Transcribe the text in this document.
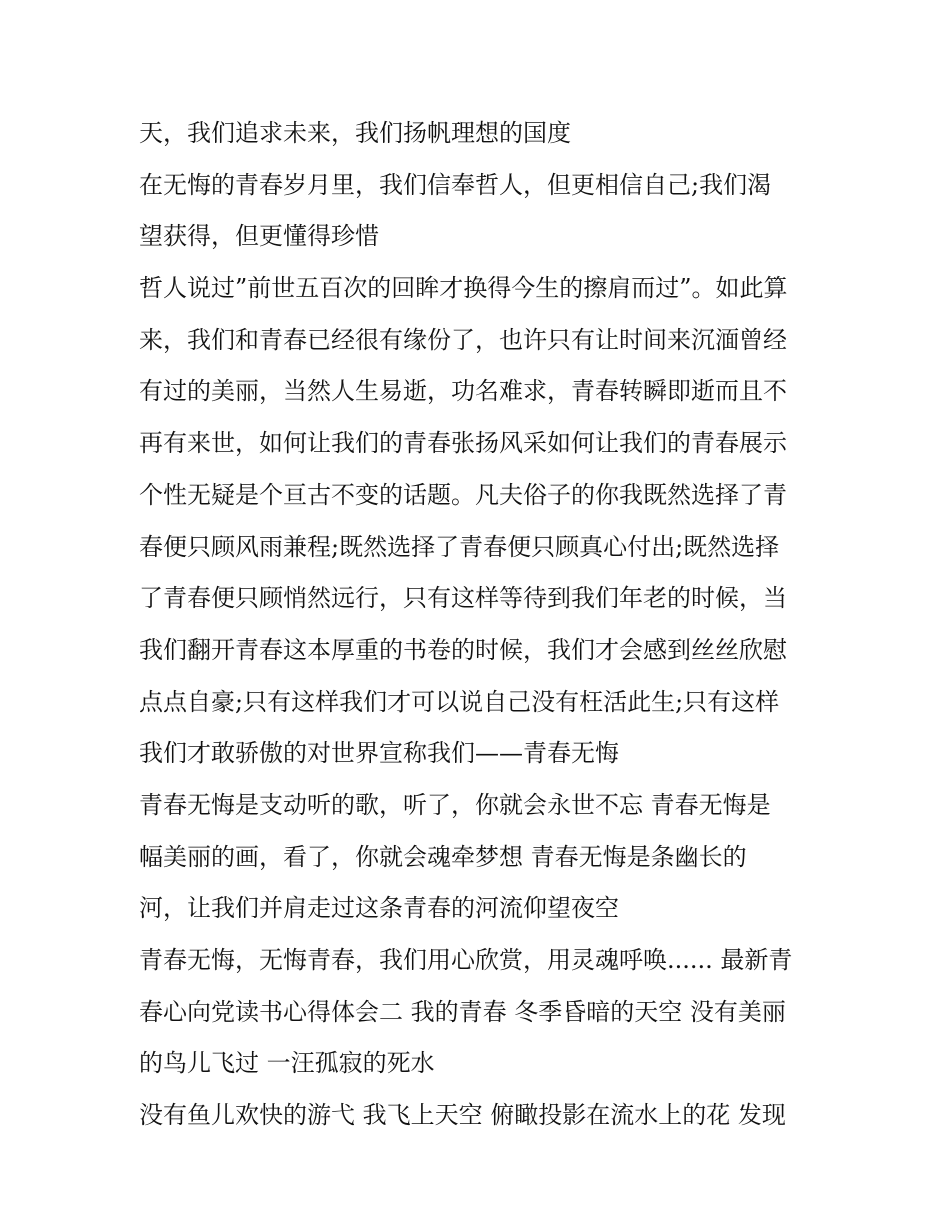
天，我们追求未来，我们扬帆理想的国度
在无悔的青春岁月里，我们信奉哲人，但更相信自己;我们渴
望获得，但更懂得珍惜
哲人说过”前世五百次的回眸才换得今生的擦肩而过”。如此算
来，我们和青春已经很有缘份了，也许只有让时间来沉湎曾经
有过的美丽，当然人生易逝，功名难求，青春转瞬即逝而且不
再有来世，如何让我们的青春张扬风采如何让我们的青春展示
个性无疑是个亘古不变的话题。凡夫俗子的你我既然选择了青
春便只顾风雨兼程;既然选择了青春便只顾真心付出;既然选择
了青春便只顾悄然远行，只有这样等待到我们年老的时候，当
我们翻开青春这本厚重的书卷的时候，我们才会感到丝丝欣慰
点点自豪;只有这样我们才可以说自己没有枉活此生;只有这样
我们才敢骄傲的对世界宣称我们——青春无悔
青春无悔是支动听的歌，听了，你就会永世不忘 青春无悔是
幅美丽的画，看了，你就会魂牵梦想 青春无悔是条幽长的
河，让我们并肩走过这条青春的河流仰望夜空
青春无悔，无悔青春，我们用心欣赏，用灵魂呼唤...... 最新青
春心向党读书心得体会二 我的青春 冬季昏暗的天空 没有美丽
的鸟儿飞过 一汪孤寂的死水
没有鱼儿欢快的游弋 我飞上天空 俯瞰投影在流水上的花 发现
